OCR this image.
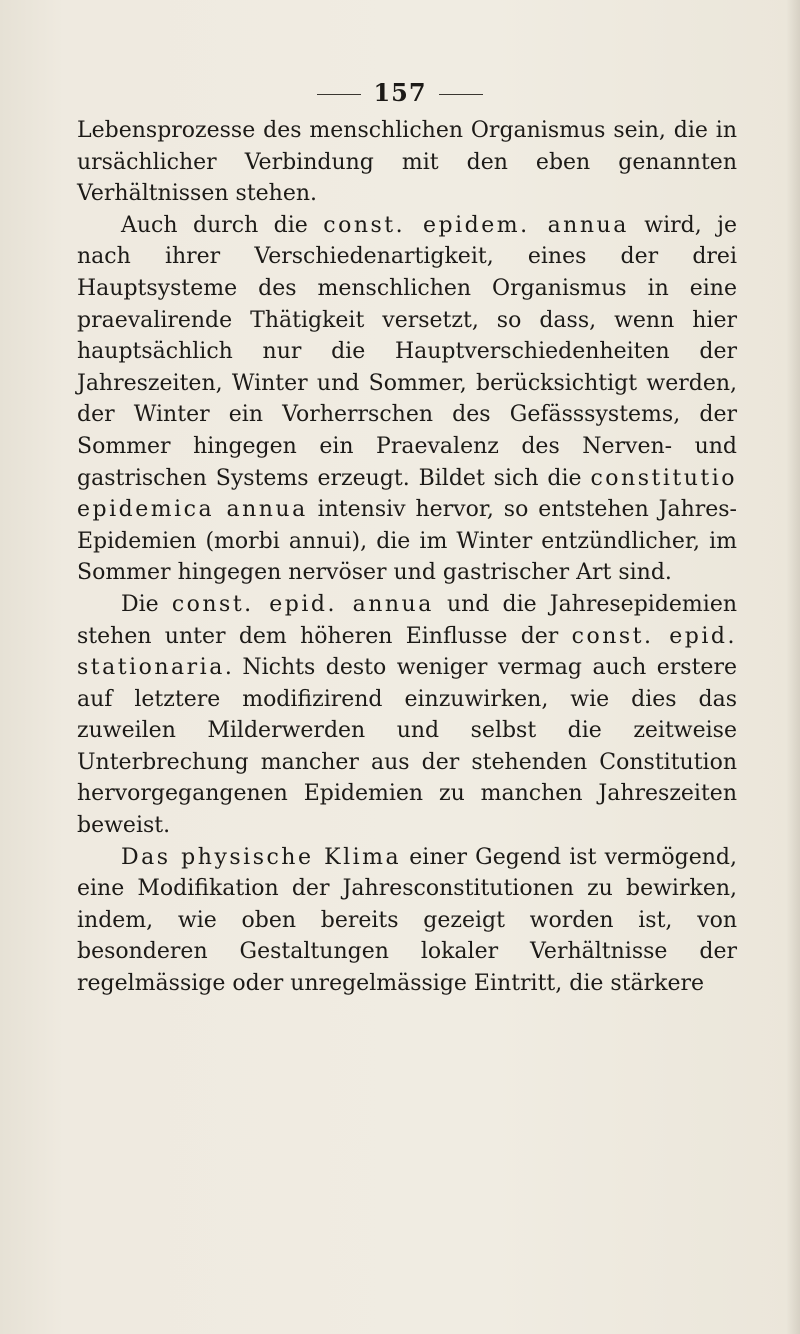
157

Lebensprozesse des menschlichen Organismus sein, die in ursächlicher Verbindung mit den eben genannten Verhältnissen stehen.

Auch durch die const. epidem. annua wird, je nach ihrer Verschiedenartigkeit, eines der drei Hauptsysteme des menschlichen Organismus in eine praevalirende Thätigkeit versetzt, so dass, wenn hier hauptsächlich nur die Hauptverschiedenheiten der Jahreszeiten, Winter und Sommer, berücksichtigt werden, der Winter ein Vorherrschen des Gefässsystems, der Sommer hingegen ein Praevalenz des Nerven- und gastrischen Systems erzeugt. Bildet sich die constitutio epidemica annua intensiv hervor, so entstehen Jahres-Epidemien (morbi annui), die im Winter entzündlicher, im Sommer hingegen nervöser und gastrischer Art sind.

Die const. epid. annua und die Jahresepidemien stehen unter dem höheren Einflusse der const. epid. stationaria. Nichts desto weniger vermag auch erstere auf letztere modifizirend einzuwirken, wie dies das zuweilen Milderwerden und selbst die zeitweise Unterbrechung mancher aus der stehenden Constitution hervorgegangenen Epidemien zu manchen Jahreszeiten beweist.

Das physische Klima einer Gegend ist vermögend, eine Modifikation der Jahresconstitutionen zu bewirken, indem, wie oben bereits gezeigt worden ist, von besonderen Gestaltungen lokaler Verhältnisse der regelmässige oder unregelmässige Eintritt, die stärkere
